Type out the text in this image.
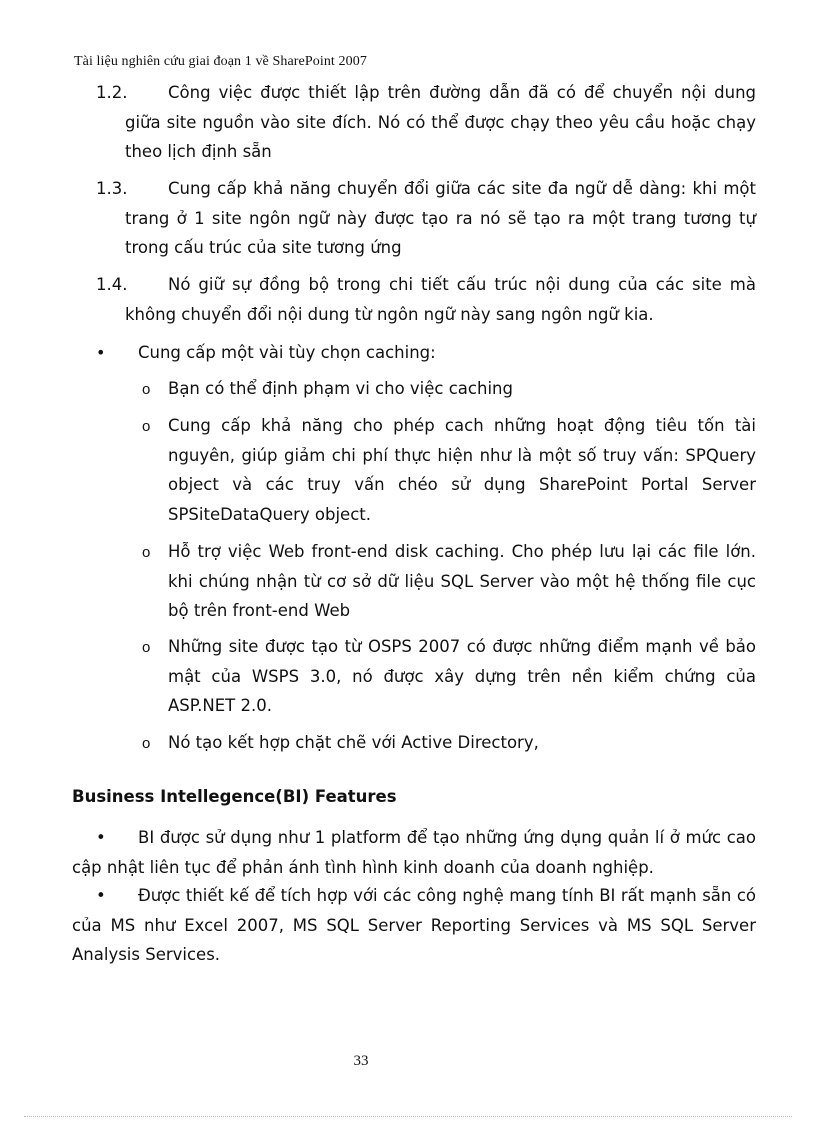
Tài liệu nghiên cứu giai đoạn 1 về SharePoint 2007
1.2.	Công việc được thiết lập trên đường dẫn đã có để chuyển nội dung giữa site nguồn vào site đích. Nó có thể được chạy theo yêu cầu hoặc chạy theo lịch định sẵn
1.3.	Cung cấp khả năng chuyển đổi giữa các site đa ngữ dễ dàng: khi một trang ở 1 site ngôn ngữ này được tạo ra nó sẽ tạo ra một trang tương tự trong cấu trúc của site tương ứng
1.4.	Nó giữ sự đồng bộ trong chi tiết cấu trúc nội dung của các site mà không chuyển đổi nội dung từ ngôn ngữ này sang ngôn ngữ kia.
•	Cung cấp một vài tùy chọn caching:
o Bạn có thể định phạm vi cho việc caching
o Cung cấp khả năng cho phép cach những hoạt động tiêu tốn tài nguyên, giúp giảm chi phí thực hiện như là một số truy vấn: SPQuery object và các truy vấn chéo sử dụng SharePoint Portal Server SPSiteDataQuery object.
o Hỗ trợ việc Web front-end disk caching. Cho phép lưu lại các file lớn. khi chúng nhận từ cơ sở dữ liệu SQL Server vào một hệ thống file cục bộ trên front-end Web
o Những site được tạo từ OSPS 2007 có được những điểm mạnh về bảo mật của WSPS 3.0, nó được xây dựng trên nền kiểm chứng của ASP.NET 2.0.
o Nó tạo kết hợp chặt chẽ với Active Directory,
Business Intellegence(BI) Features
• BI được sử dụng như 1 platform để tạo những ứng dụng quản lí ở mức cao cập nhật liên tục để phản ánh tình hình kinh doanh của doanh nghiệp.
• Được thiết kế để tích hợp với các công nghệ mang tính BI rất mạnh sẵn có của MS như Excel 2007, MS SQL Server Reporting Services và MS SQL Server Analysis Services.
33
